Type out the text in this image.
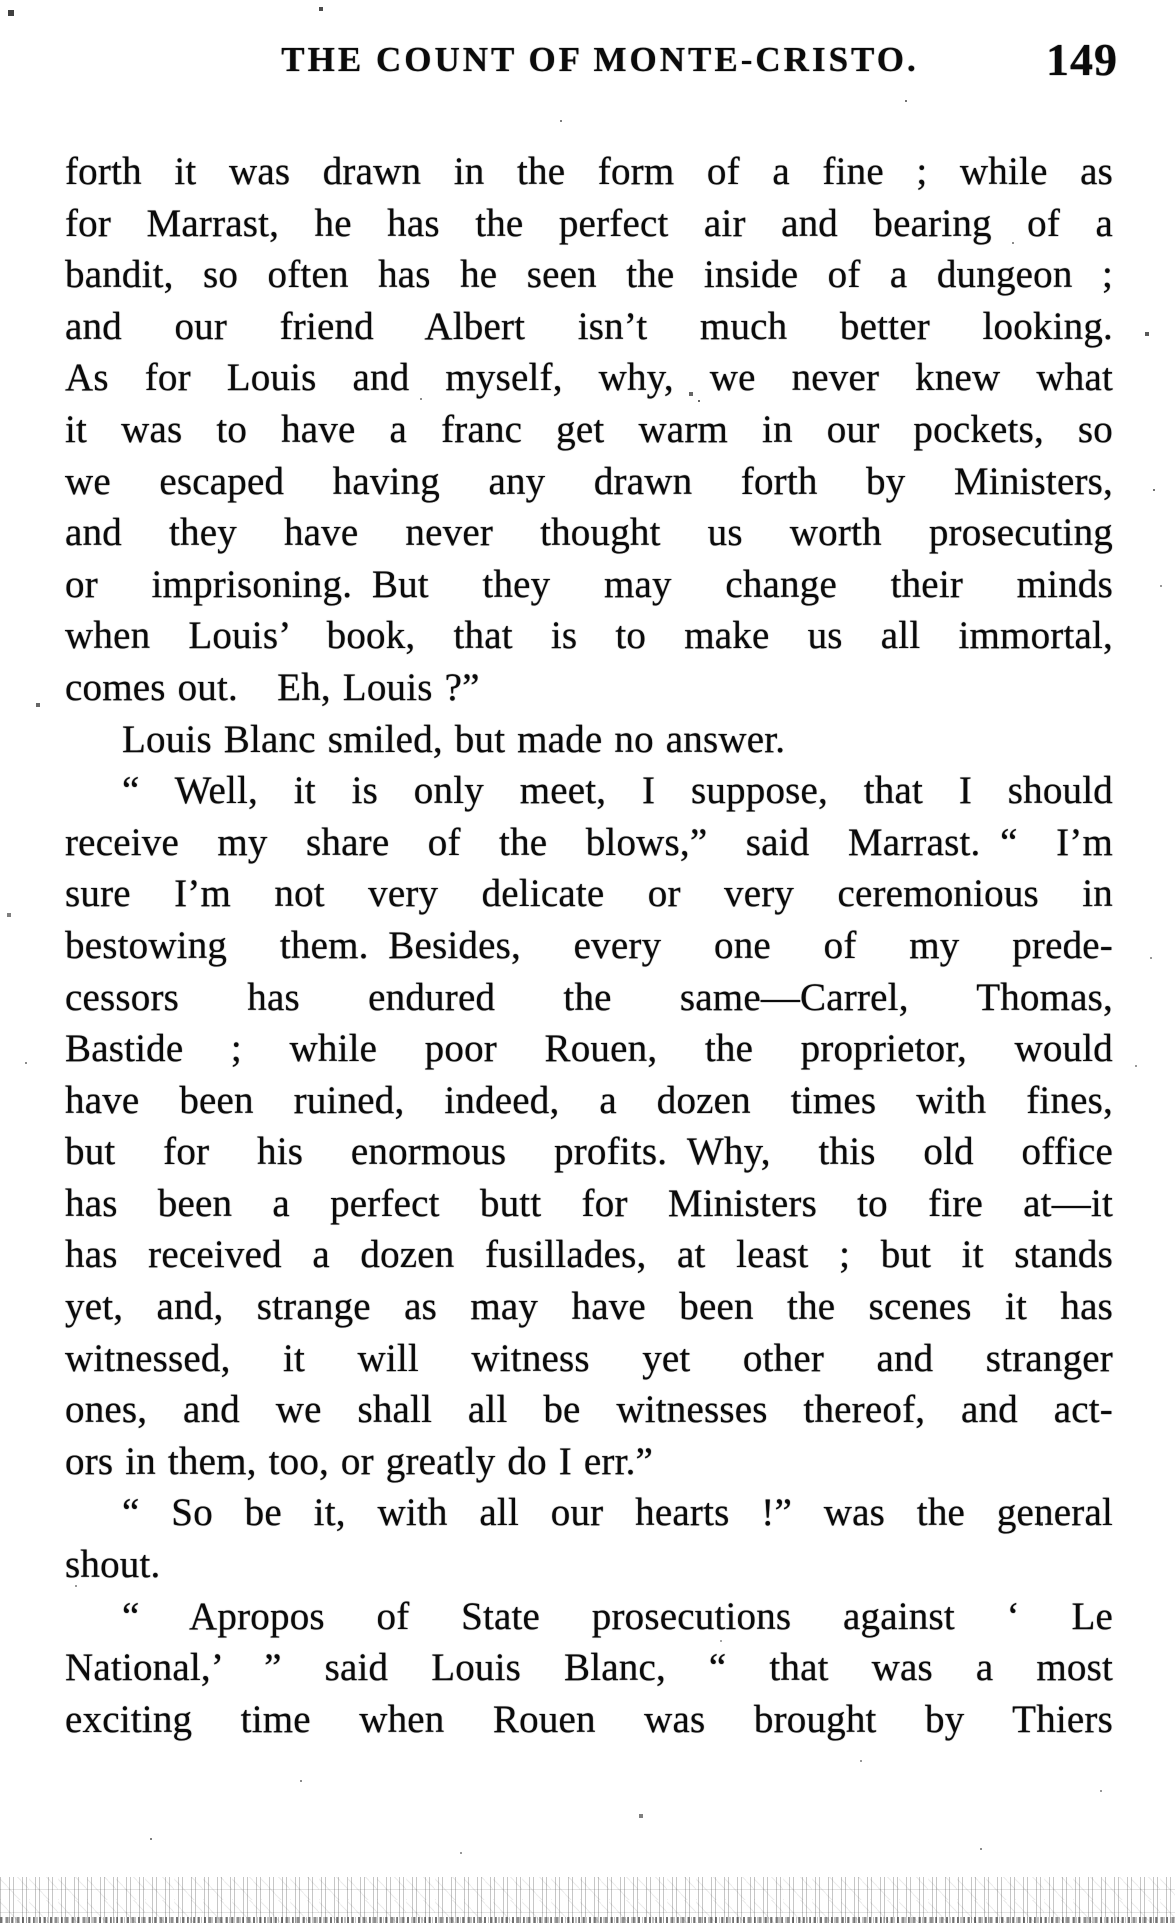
THE COUNT OF MONTE-CRISTO.	149
forth it was drawn in the form of a fine ; while as
for Marrast, he has the perfect air and bearing of a
bandit, so often has he seen the inside of a dungeon ;
and our friend Albert isn’t much better looking.
As for Louis and myself, why, we never knew what
it was to have a franc get warm in our pockets, so
we escaped having any drawn forth by Ministers,
and they have never thought us worth prosecuting
or imprisoning. But they may change their minds
when Louis’ book, that is to make us all immortal,
comes out. Eh, Louis ?”
Louis Blanc smiled, but made no answer.
“ Well, it is only meet, I suppose, that I should
receive my share of the blows,” said Marrast. “ I’m
sure I’m not very delicate or very ceremonious in
bestowing them. Besides, every one of my prede-
cessors has endured the same—Carrel, Thomas,
Bastide ; while poor Rouen, the proprietor, would
have been ruined, indeed, a dozen times with fines,
but for his enormous profits. Why, this old office
has been a perfect butt for Ministers to fire at—it
has received a dozen fusillades, at least ; but it stands
yet, and, strange as may have been the scenes it has
witnessed, it will witness yet other and stranger
ones, and we shall all be witnesses thereof, and act-
ors in them, too, or greatly do I err.”
“ So be it, with all our hearts !” was the general
shout.
“ Apropos of State prosecutions against ‘ Le
National,’ ” said Louis Blanc, “ that was a most
exciting time when Rouen was brought by Thiers
